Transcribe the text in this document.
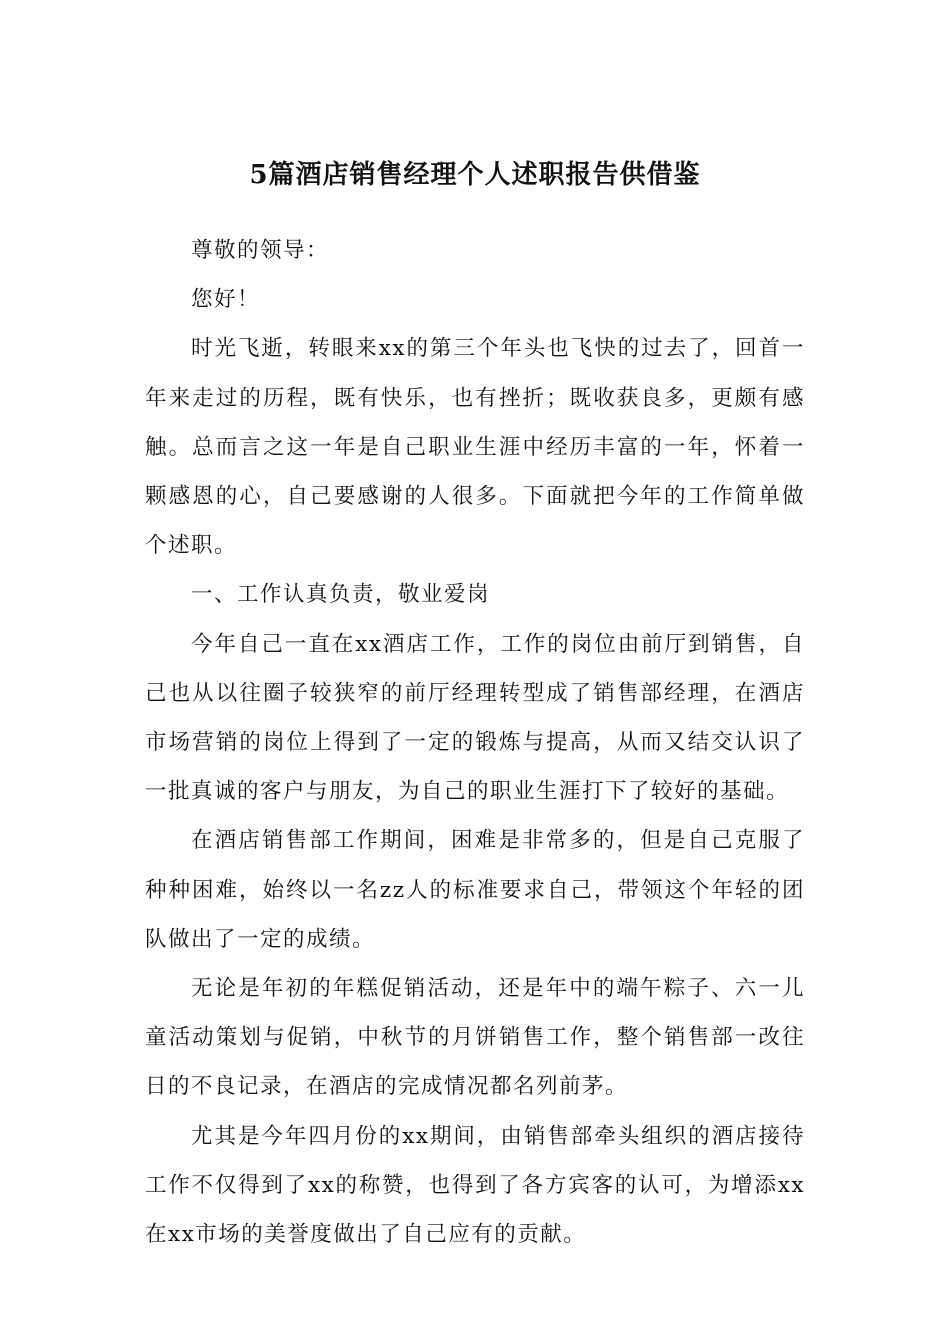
5篇酒店销售经理个人述职报告供借鉴

尊敬的领导：

您好！

时光飞逝，转眼来xx的第三个年头也飞快的过去了，回首一年来走过的历程，既有快乐，也有挫折；既收获良多，更颇有感触。总而言之这一年是自己职业生涯中经历丰富的一年，怀着一颗感恩的心，自己要感谢的人很多。下面就把今年的工作简单做个述职。

一、工作认真负责，敬业爱岗

今年自己一直在xx酒店工作，工作的岗位由前厅到销售，自己也从以往圈子较狭窄的前厅经理转型成了销售部经理，在酒店市场营销的岗位上得到了一定的锻炼与提高，从而又结交认识了一批真诚的客户与朋友，为自己的职业生涯打下了较好的基础。

在酒店销售部工作期间，困难是非常多的，但是自己克服了种种困难，始终以一名zz人的标准要求自己，带领这个年轻的团队做出了一定的成绩。

无论是年初的年糕促销活动，还是年中的端午粽子、六一儿童活动策划与促销，中秋节的月饼销售工作，整个销售部一改往日的不良记录，在酒店的完成情况都名列前茅。

尤其是今年四月份的xx期间，由销售部牵头组织的酒店接待工作不仅得到了xx的称赞，也得到了各方宾客的认可，为增添xx在xx市场的美誉度做出了自己应有的贡献。
